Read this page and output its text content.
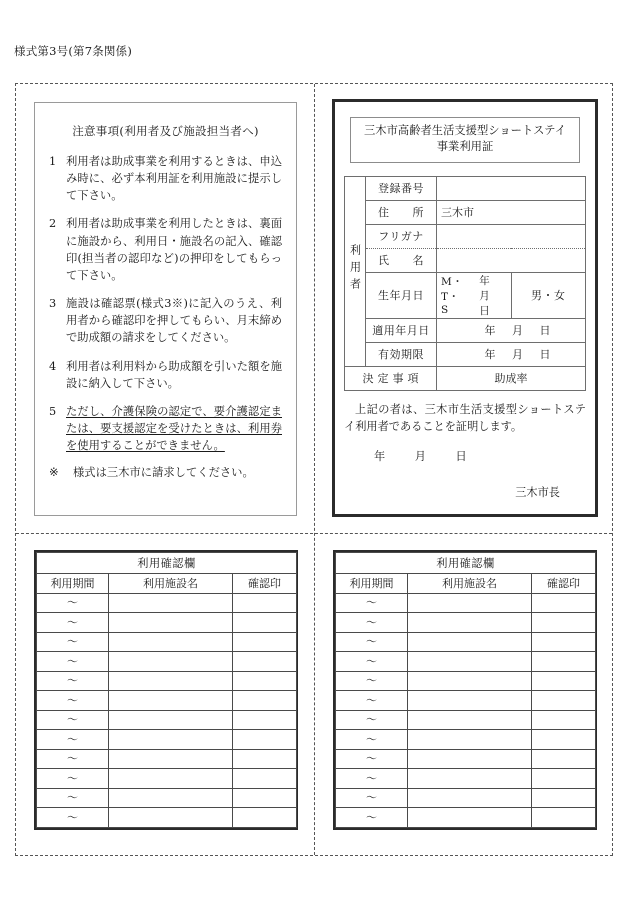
様式第3号(第7条関係)
注意事項(利用者及び施設担当者へ)
1 利用者は助成事業を利用するときは、申込み時に、必ず本利用証を利用施設に提示して下さい。
2 利用者は助成事業を利用したときは、裏面に施設から、利用日・施設名の記入、確認印(担当者の認印など)の押印をしてもらって下さい。
3 施設は確認票(様式3※)に記入のうえ、利用者から確認印を押してもらい、月末締めで助成額の請求をしてください。
4 利用者は利用料から助成額を引いた額を施設に納入して下さい。
5 ただし、介護保険の認定で、要介護認定または、要支援認定を受けたときは、利用券を使用することができません。
※	様式は三木市に請求してください。
三木市高齢者生活支援型ショートステイ
事業利用証
利用者	登録番号		
	住　　所	三木市	
	フリガナ		
	氏　　名		
	生年月日	M・T・S
年 月 日	男・女
	適用年月日	年 月 日	
	有効期限	年 月 日	
決定事項		助成率	

上記の者は、三木市生活支援型ショートステイ利用者であることを証明します。

年	月	日
三木市長
利用確認欄		
利用期間	利用施設名	確認印
〜		
〜		
〜		
〜		
〜		
〜		
〜		
〜		
〜		
〜		
〜		
〜		
利用確認欄		
利用期間	利用施設名	確認印
〜		
〜		
〜		
〜		
〜		
〜		
〜		
〜		
〜		
〜		
〜		
〜		
